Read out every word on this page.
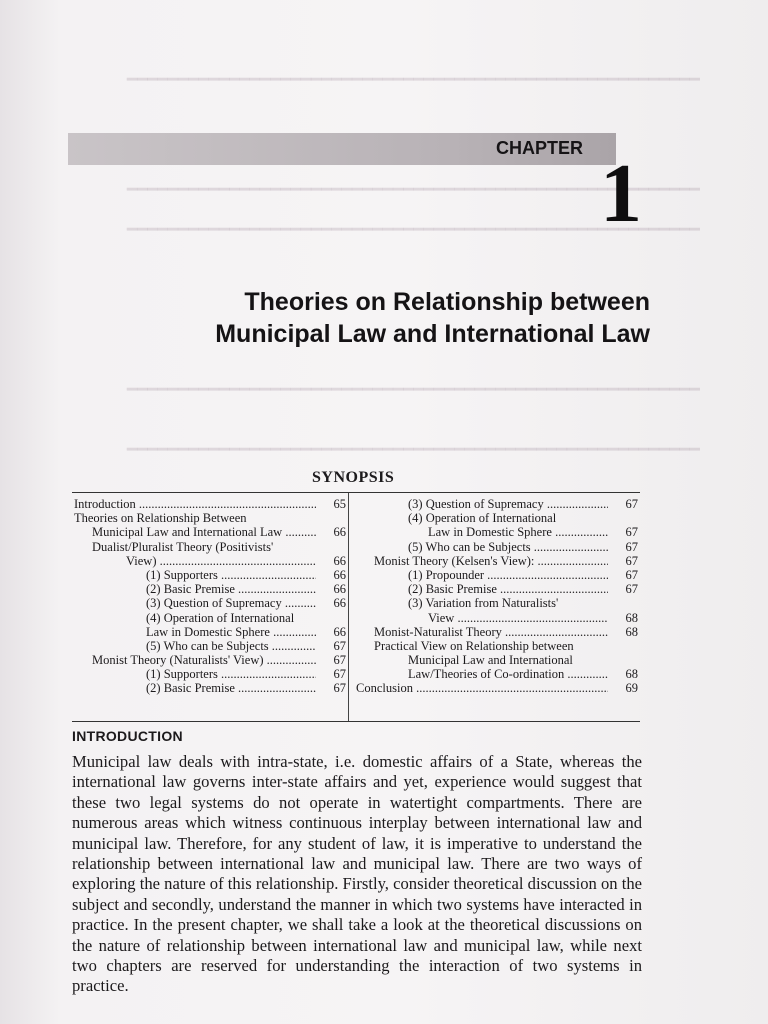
━━━━━━━━━━━━━━━━━━━━━━━━━━━━━━━━━━━━━━━━━━━━━━━━━━━━━━━━
━━━━━━━━━━━━━━━━━━━━━━━━━━━━━━━━━━━━━━━━━━━━━━━━━━━━━━━━
━━━━━━━━━━━━━━━━━━━━━━━━━━━━━━━━━━━━━━━━━━━━━━━━━━━━━━━━
━━━━━━━━━━━━━━━━━━━━━━━━━━━━━━━━━━━━━━━━━━━━━━━━━━━━━━━━
━━━━━━━━━━━━━━━━━━━━━━━━━━━━━━━━━━━━━━━━━━━━━━━━━━━━━━━━
CHAPTER 1
Theories on Relationship between
Municipal Law and International Law
SYNOPSIS
Introduction .....	65
Theories on Relationship Between
Municipal Law and International Law .....	66
Dualist/Pluralist Theory (Positivists'
View) .....	66
(1) Supporters .....	66
(2) Basic Premise .....	66
(3) Question of Supremacy .....	66
(4) Operation of International
Law in Domestic Sphere .....	66
(5) Who can be Subjects .....	67
Monist Theory (Naturalists' View) .....	67
(1) Supporters .....	67
(2) Basic Premise .....	67
(3) Question of Supremacy .....	67
(4) Operation of International
Law in Domestic Sphere .....	67
(5) Who can be Subjects .....	67
Monist Theory (Kelsen's View): .....	67
(1) Propounder .....	67
(2) Basic Premise .....	67
(3) Variation from Naturalists'
View .....	68
Monist-Naturalist Theory .....	68
Practical View on Relationship between
Municipal Law and International
Law/Theories of Co-ordination .....	68
Conclusion .....	69
INTRODUCTION
Municipal law deals with intra-state, i.e. domestic affairs of a State, whereas the international law governs inter-state affairs and yet, experience would suggest that these two legal systems do not operate in watertight compartments. There are numerous areas which witness continuous interplay between international law and municipal law. Therefore, for any student of law, it is imperative to understand the relationship between international law and municipal law. There are two ways of exploring the nature of this relationship. Firstly, consider theoretical discussion on the subject and secondly, understand the manner in which two systems have interacted in practice. In the present chapter, we shall take a look at the theoretical discussions on the nature of relationship between international law and municipal law, while next two chapters are reserved for understanding the interaction of two systems in practice.
